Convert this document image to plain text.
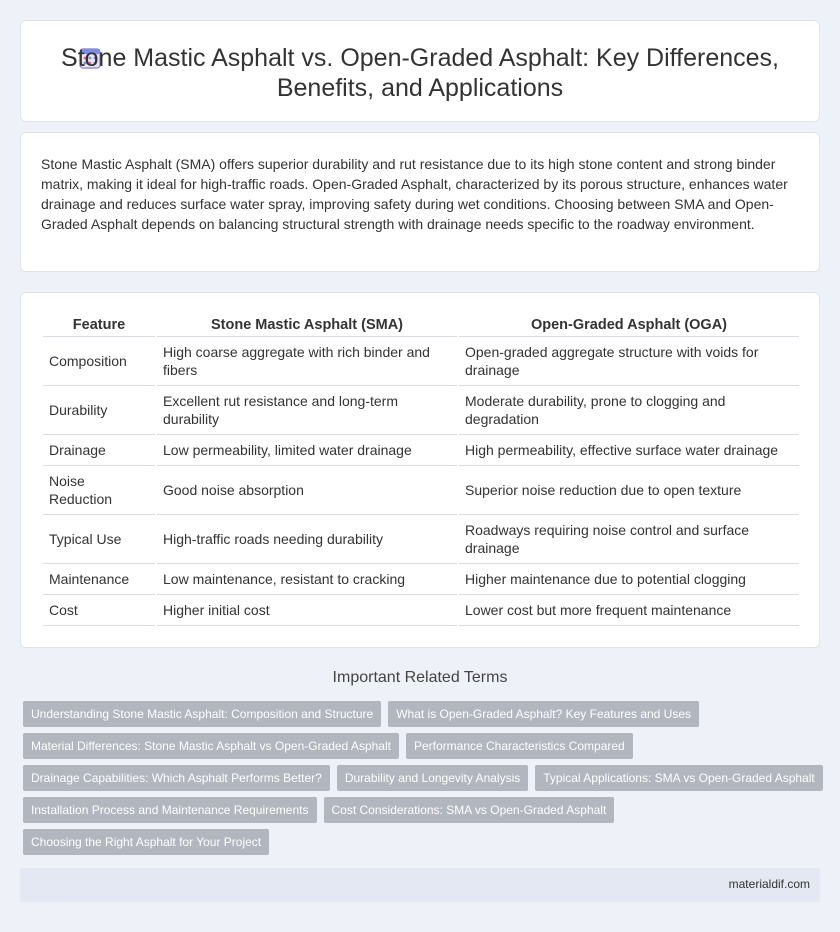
Stone Mastic Asphalt vs. Open-Graded Asphalt: Key Differences,
Benefits, and Applications

Stone Mastic Asphalt (SMA) offers superior durability and rut resistance due to its high stone content and strong binder matrix, making it ideal for high-traffic roads. Open-Graded Asphalt, characterized by its porous structure, enhances water drainage and reduces surface water spray, improving safety during wet conditions. Choosing between SMA and Open-Graded Asphalt depends on balancing structural strength with drainage needs specific to the roadway environment.

Feature	Stone Mastic Asphalt (SMA)	Open-Graded Asphalt (OGA)
Composition	High coarse aggregate with rich binder and fibers	Open-graded aggregate structure with voids for drainage
Durability	Excellent rut resistance and long-term durability	Moderate durability, prone to clogging and degradation
Drainage	Low permeability, limited water drainage	High permeability, effective surface water drainage
Noise Reduction	Good noise absorption	Superior noise reduction due to open texture
Typical Use	High-traffic roads needing durability	Roadways requiring noise control and surface drainage
Maintenance	Low maintenance, resistant to cracking	Higher maintenance due to potential clogging
Cost	Higher initial cost	Lower cost but more frequent maintenance
Important Related Terms
Understanding Stone Mastic Asphalt: Composition and Structure	What is Open-Graded Asphalt? Key Features and Uses
Material Differences: Stone Mastic Asphalt vs Open-Graded Asphalt	Performance Characteristics Compared
Drainage Capabilities: Which Asphalt Performs Better?	Durability and Longevity Analysis	Typical Applications: SMA vs Open-Graded Asphalt
Installation Process and Maintenance Requirements	Cost Considerations: SMA vs Open-Graded Asphalt
Choosing the Right Asphalt for Your Project
materialdif.com
